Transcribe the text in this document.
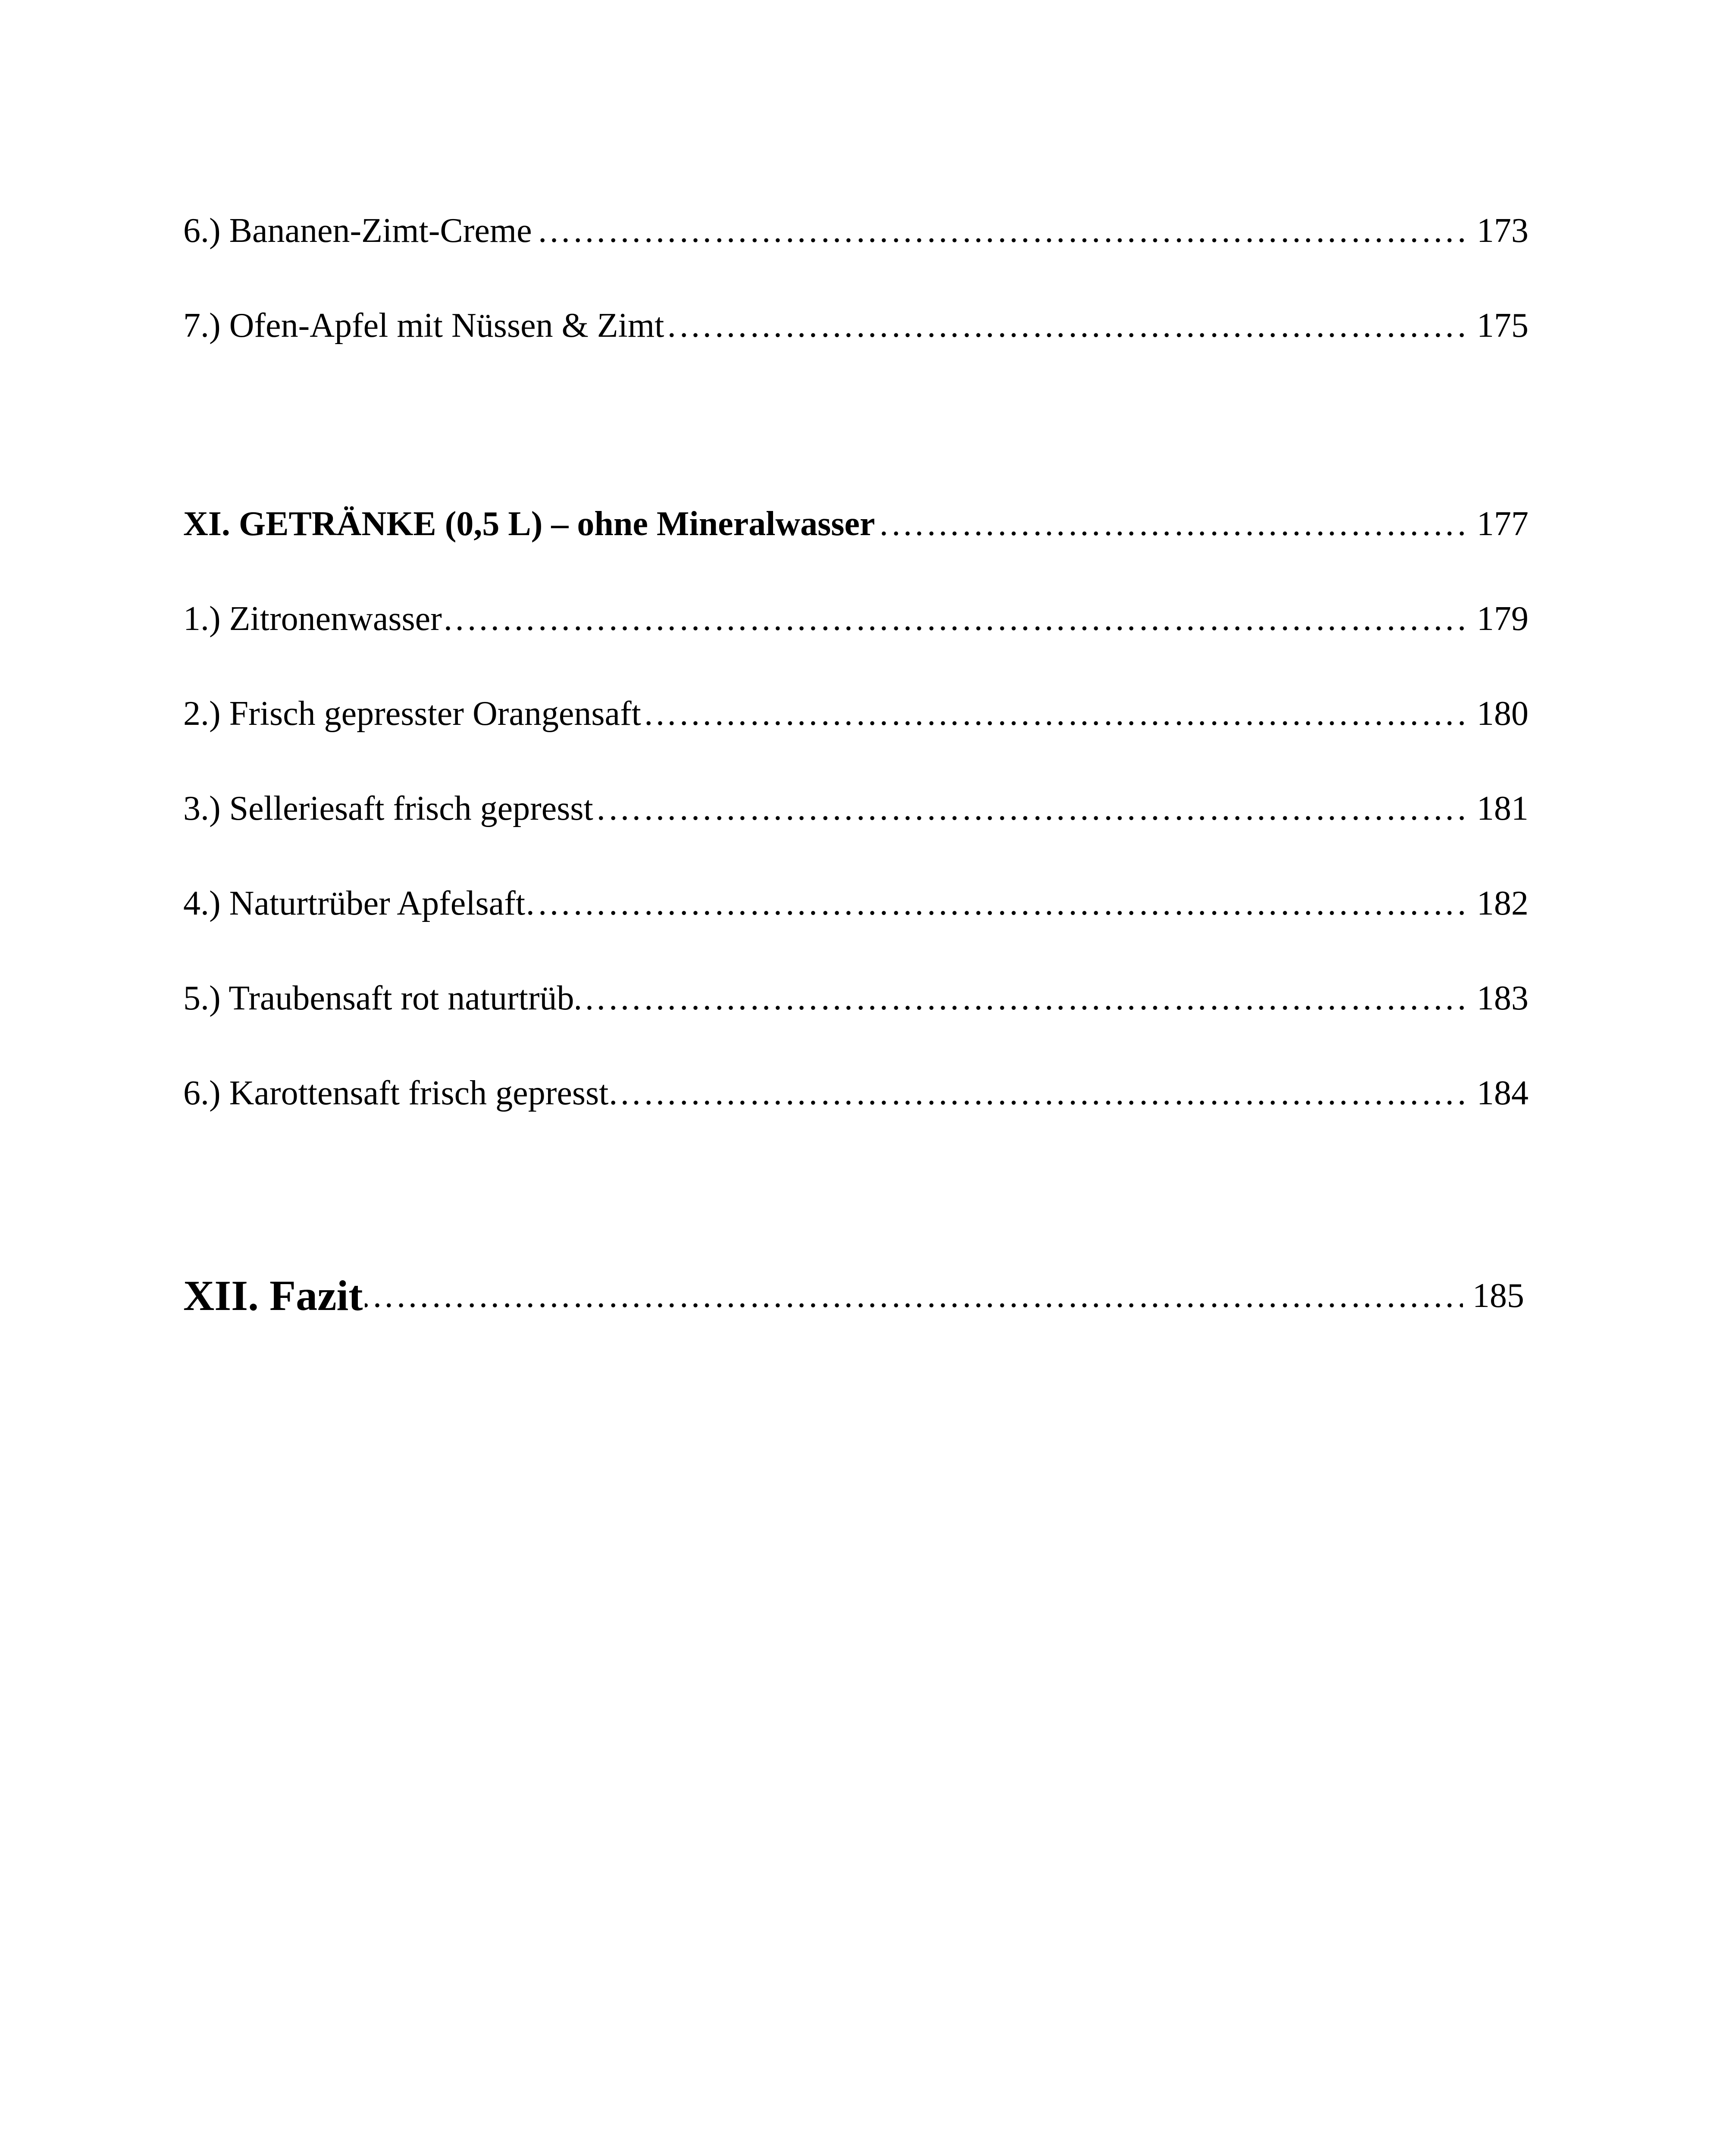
6.) Bananen-Zimt-Creme …………………………………………………………………………………………………………………………………………………………………………	173
7.) Ofen-Apfel mit Nüssen & Zimt …………………………………………………………………………………………………………………………………………………………………………	175
XI. GETRÄNKE (0,5 L) – ohne Mineralwasser …………………………………………………………………………………………………………………………………………………………………………	177
1.) Zitronenwasser …………………………………………………………………………………………………………………………………………………………………………	179
2.) Frisch gepresster Orangensaft …………………………………………………………………………………………………………………………………………………………………………	180
3.) Selleriesaft frisch gepresst …………………………………………………………………………………………………………………………………………………………………………	181
4.) Naturtrüber Apfelsaft …………………………………………………………………………………………………………………………………………………………………………	182
5.) Traubensaft rot naturtrüb …………………………………………………………………………………………………………………………………………………………………………	183
6.) Karottensaft frisch gepresst …………………………………………………………………………………………………………………………………………………………………………	184
XII. Fazit …………………………………………………………………………………………………………………………………………………………………………	185
